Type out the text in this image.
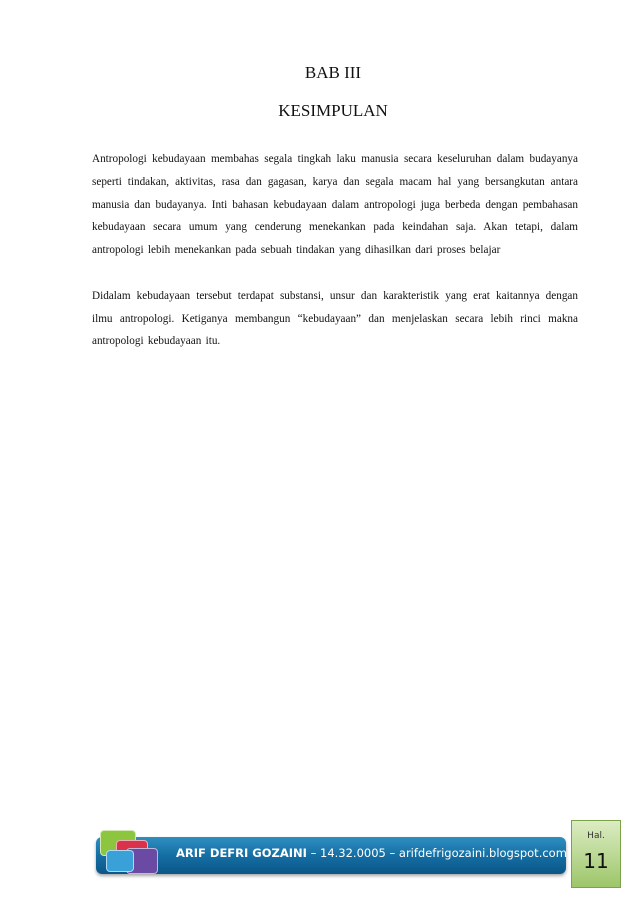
BAB III
KESIMPULAN

Antropologi kebudayaan membahas segala tingkah laku manusia secara keseluruhan dalam budayanya seperti tindakan, aktivitas, rasa dan gagasan, karya dan segala macam hal yang bersangkutan antara manusia dan budayanya. Inti bahasan kebudayaan dalam antropologi juga berbeda dengan pembahasan kebudayaan secara umum yang cenderung menekankan pada keindahan saja. Akan tetapi, dalam antropologi lebih menekankan pada sebuah tindakan yang dihasilkan dari proses belajar

Didalam kebudayaan tersebut terdapat substansi, unsur dan karakteristik yang erat kaitannya dengan ilmu antropologi. Ketiganya membangun “kebudayaan” dan menjelaskan secara lebih rinci makna antropologi kebudayaan itu.

ARIF DEFRI GOZAINI – 14.32.0005 – arifdefrigozaini.blogspot.com
Hal.
11
